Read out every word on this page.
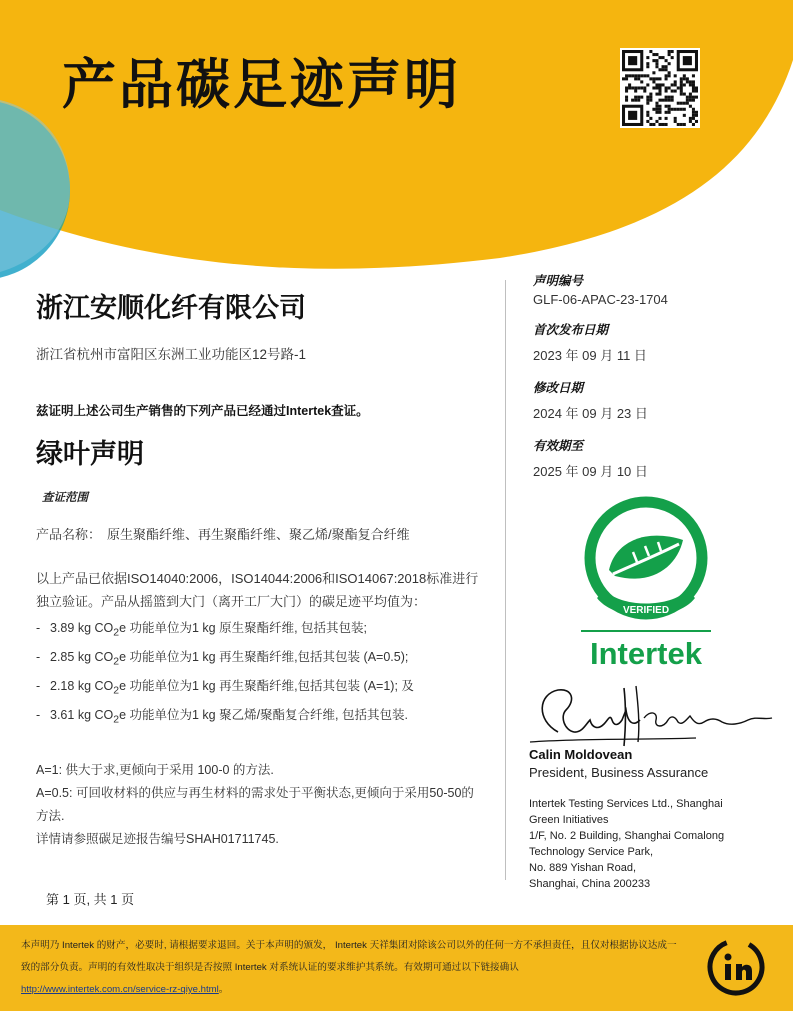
产品碳足迹声明
浙江安顺化纤有限公司
浙江省杭州市富阳区东洲工业功能区12号路-1
兹证明上述公司生产销售的下列产品已经通过Intertek查证。
绿叶声明
查证范围
产品名称： 原生聚酯纤维、再生聚酯纤维、聚乙烯/聚酯复合纤维
以上产品已依据ISO14040:2006，ISO14044:2006和ISO14067:2018标准进行独立验证。产品从摇篮到大门（离开工厂大门）的碳足迹平均值为：
- 3.89 kg $CO_2e$ 功能单位为1 kg 原生聚酯纤维, 包括其包装;
- 2.85 kg $CO_2e$ 功能单位为1 kg 再生聚酯纤维,包括其包装 (A=0.5);
- 2.18 kg $CO_2e$ 功能单位为1 kg 再生聚酯纤维,包括其包装 (A=1); 及
- 3.61 kg $CO_2e$ 功能单位为1 kg 聚乙烯/聚酯复合纤维, 包括其包装.

A=1: 供大于求,更倾向于采用 100-0 的方法.

A=0.5: 可回收材料的供应与再生材料的需求处于平衡状态,更倾向于采用50-50的方法.

详情请参照碳足迹报告编号SHAH01711745.

第 1 页, 共 1 页
声明编号
GLF-06-APAC-23-1704
首次发布日期
2023 年 09 月 11 日
修改日期
2024 年 09 月 23 日
有效期至
2025 年 09 月 10 日
VERIFIED
Intertek
Calin Moldovean
President, Business Assurance
Intertek Testing Services Ltd., Shanghai
Green Initiatives
1/F, No. 2 Building, Shanghai Comalong
Technology Service Park,
No. 889 Yishan Road,
Shanghai, China 200233
本声明乃 Intertek 的财产，必要时, 请根据要求退回。关于本声明的颁发， Intertek 天祥集团对除该公司以外的任何一方不承担责任，且仅对根据协议达成一致的部分负责。声明的有效性取决于组织是否按照 Intertek 对系统认证的要求维护其系统。有效期可通过以下链接确认
http://www.intertek.com.cn/service-rz-qiye.html。
